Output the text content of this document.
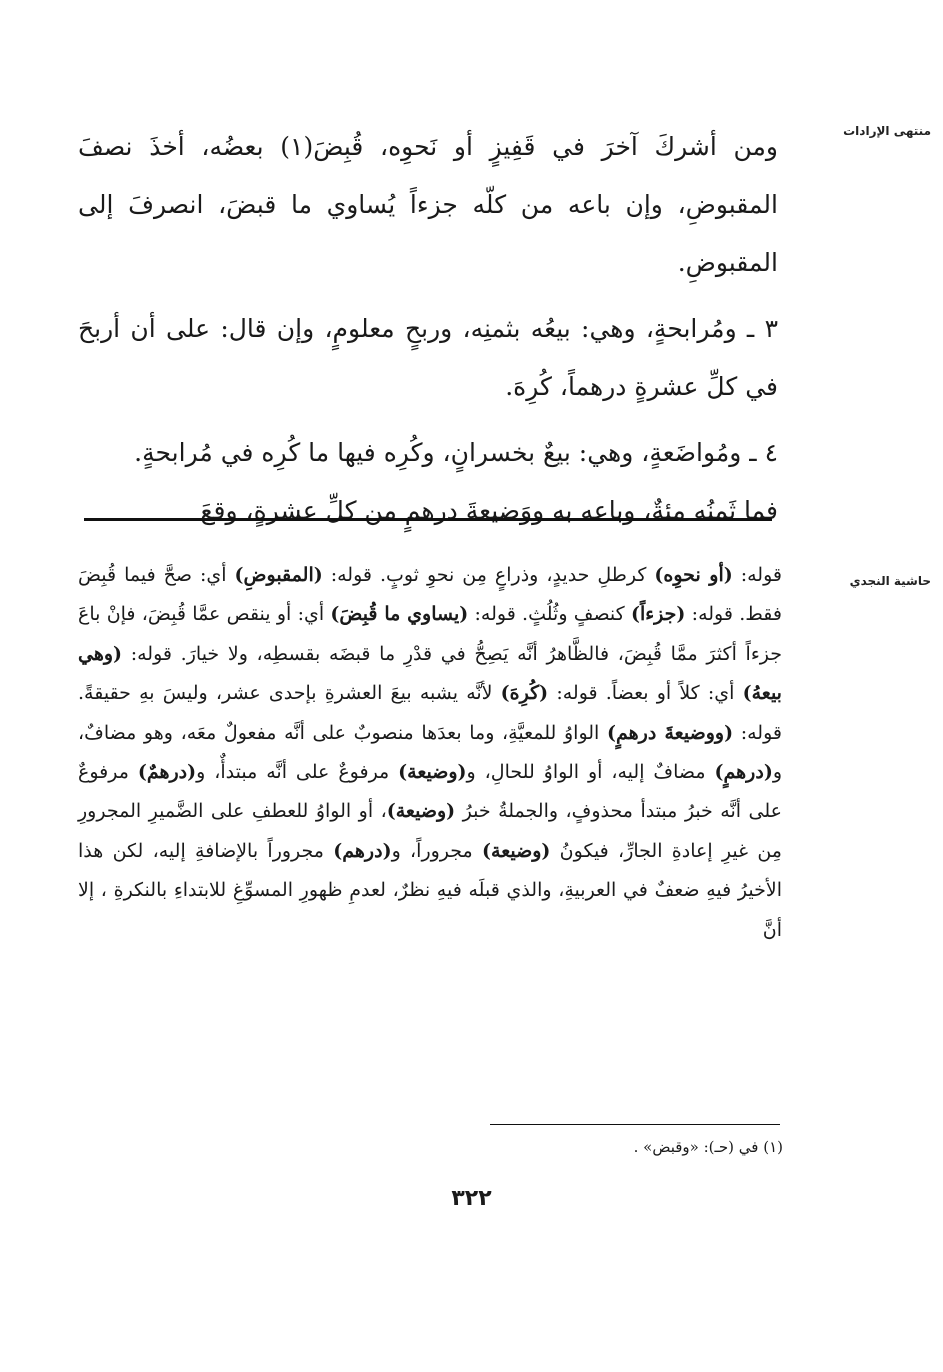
منتهى الإرادات
حاشية النجدي

ومن أشركَ آخرَ في قَفِيزٍ أو نَحوِه، قُبِضَ(١) بعضُه، أخذَ نصفَ المقبوضِ، وإن باعه من كلّه جزءاً يُساوي ما قبضَ، انصرفَ إلى المقبوضِ.

٣ ـ ومُرابحةٍ، وهي: بيعُه بثمنِه، وربحٍ معلومٍ، وإن قال: على أن أربحَ في كلِّ عشرةٍ درهماً، كُرِهَ.

٤ ـ ومُواضَعةٍ، وهي: بيعٌ بخسرانٍ، وكُرِه فيها ما كُرِه في مُرابحةٍ.

فما ثَمنُه مئةٌ، وباعه به ووَضيعةَ درهمٍ من كلِّ عشرةٍ، وقعَ

قوله: (أو نحوِه) كرطلِ حديدٍ، وذراعٍ مِن نحوِ ثوبٍ. قوله: (المقبوضِ) أي: صحَّ فيما قُبِضَ فقط. قوله: (جزءاً) كنصفٍ وثُلُثٍ. قوله: (يساوي ما قُبِضَ) أي: أو ينقص عمَّا قُبِضَ، فإنْ باعَ جزءاً أكثرَ ممَّا قُبِضَ، فالظَّاهرُ أنَّه يَصِحُّ في قدْرِ ما قبضَه بقسطِه، ولا خيارَ. قوله: (وهي بيعهُ) أي: كلاً أو بعضاً. قوله: (كُرِهَ) لأنَّه يشبه بيعَ العشرةِ بإحدى عشر، وليسَ بهِ حقيقةً. قوله: (ووضيعةَ درهمٍ) الواوُ للمعيَّةِ، وما بعدَها منصوبٌ على أنَّه مفعولٌ معَه، وهو مضافٌ، و(درهمٍ) مضافٌ إليه، أو الواوُ للحالِ، و(وضيعة) مرفوعٌ على أنَّه مبتدأٌ، و(درهمٌ) مرفوعٌ على أنَّه خبرُ مبتدأ محذوفٍ، والجملةُ خبرُ (وضيعة)، أو الواوُ للعطفِ على الضَّميرِ المجرورِ مِن غيرِ إعادةِ الجارِّ، فيكونُ (وضيعة) مجروراً، و(درهم) مجروراً بالإضافةِ إليه، لكن هذا الأخيرُ فيهِ ضعفٌ في العربيةِ، والذي قبلَه فيهِ نظرٌ، لعدمِ ظهورِ المسوِّغِ للابتداءِ بالنكرةِ ، إلا أنَّ
(١) في (حـ): «وقبض» .
٣٢٢
